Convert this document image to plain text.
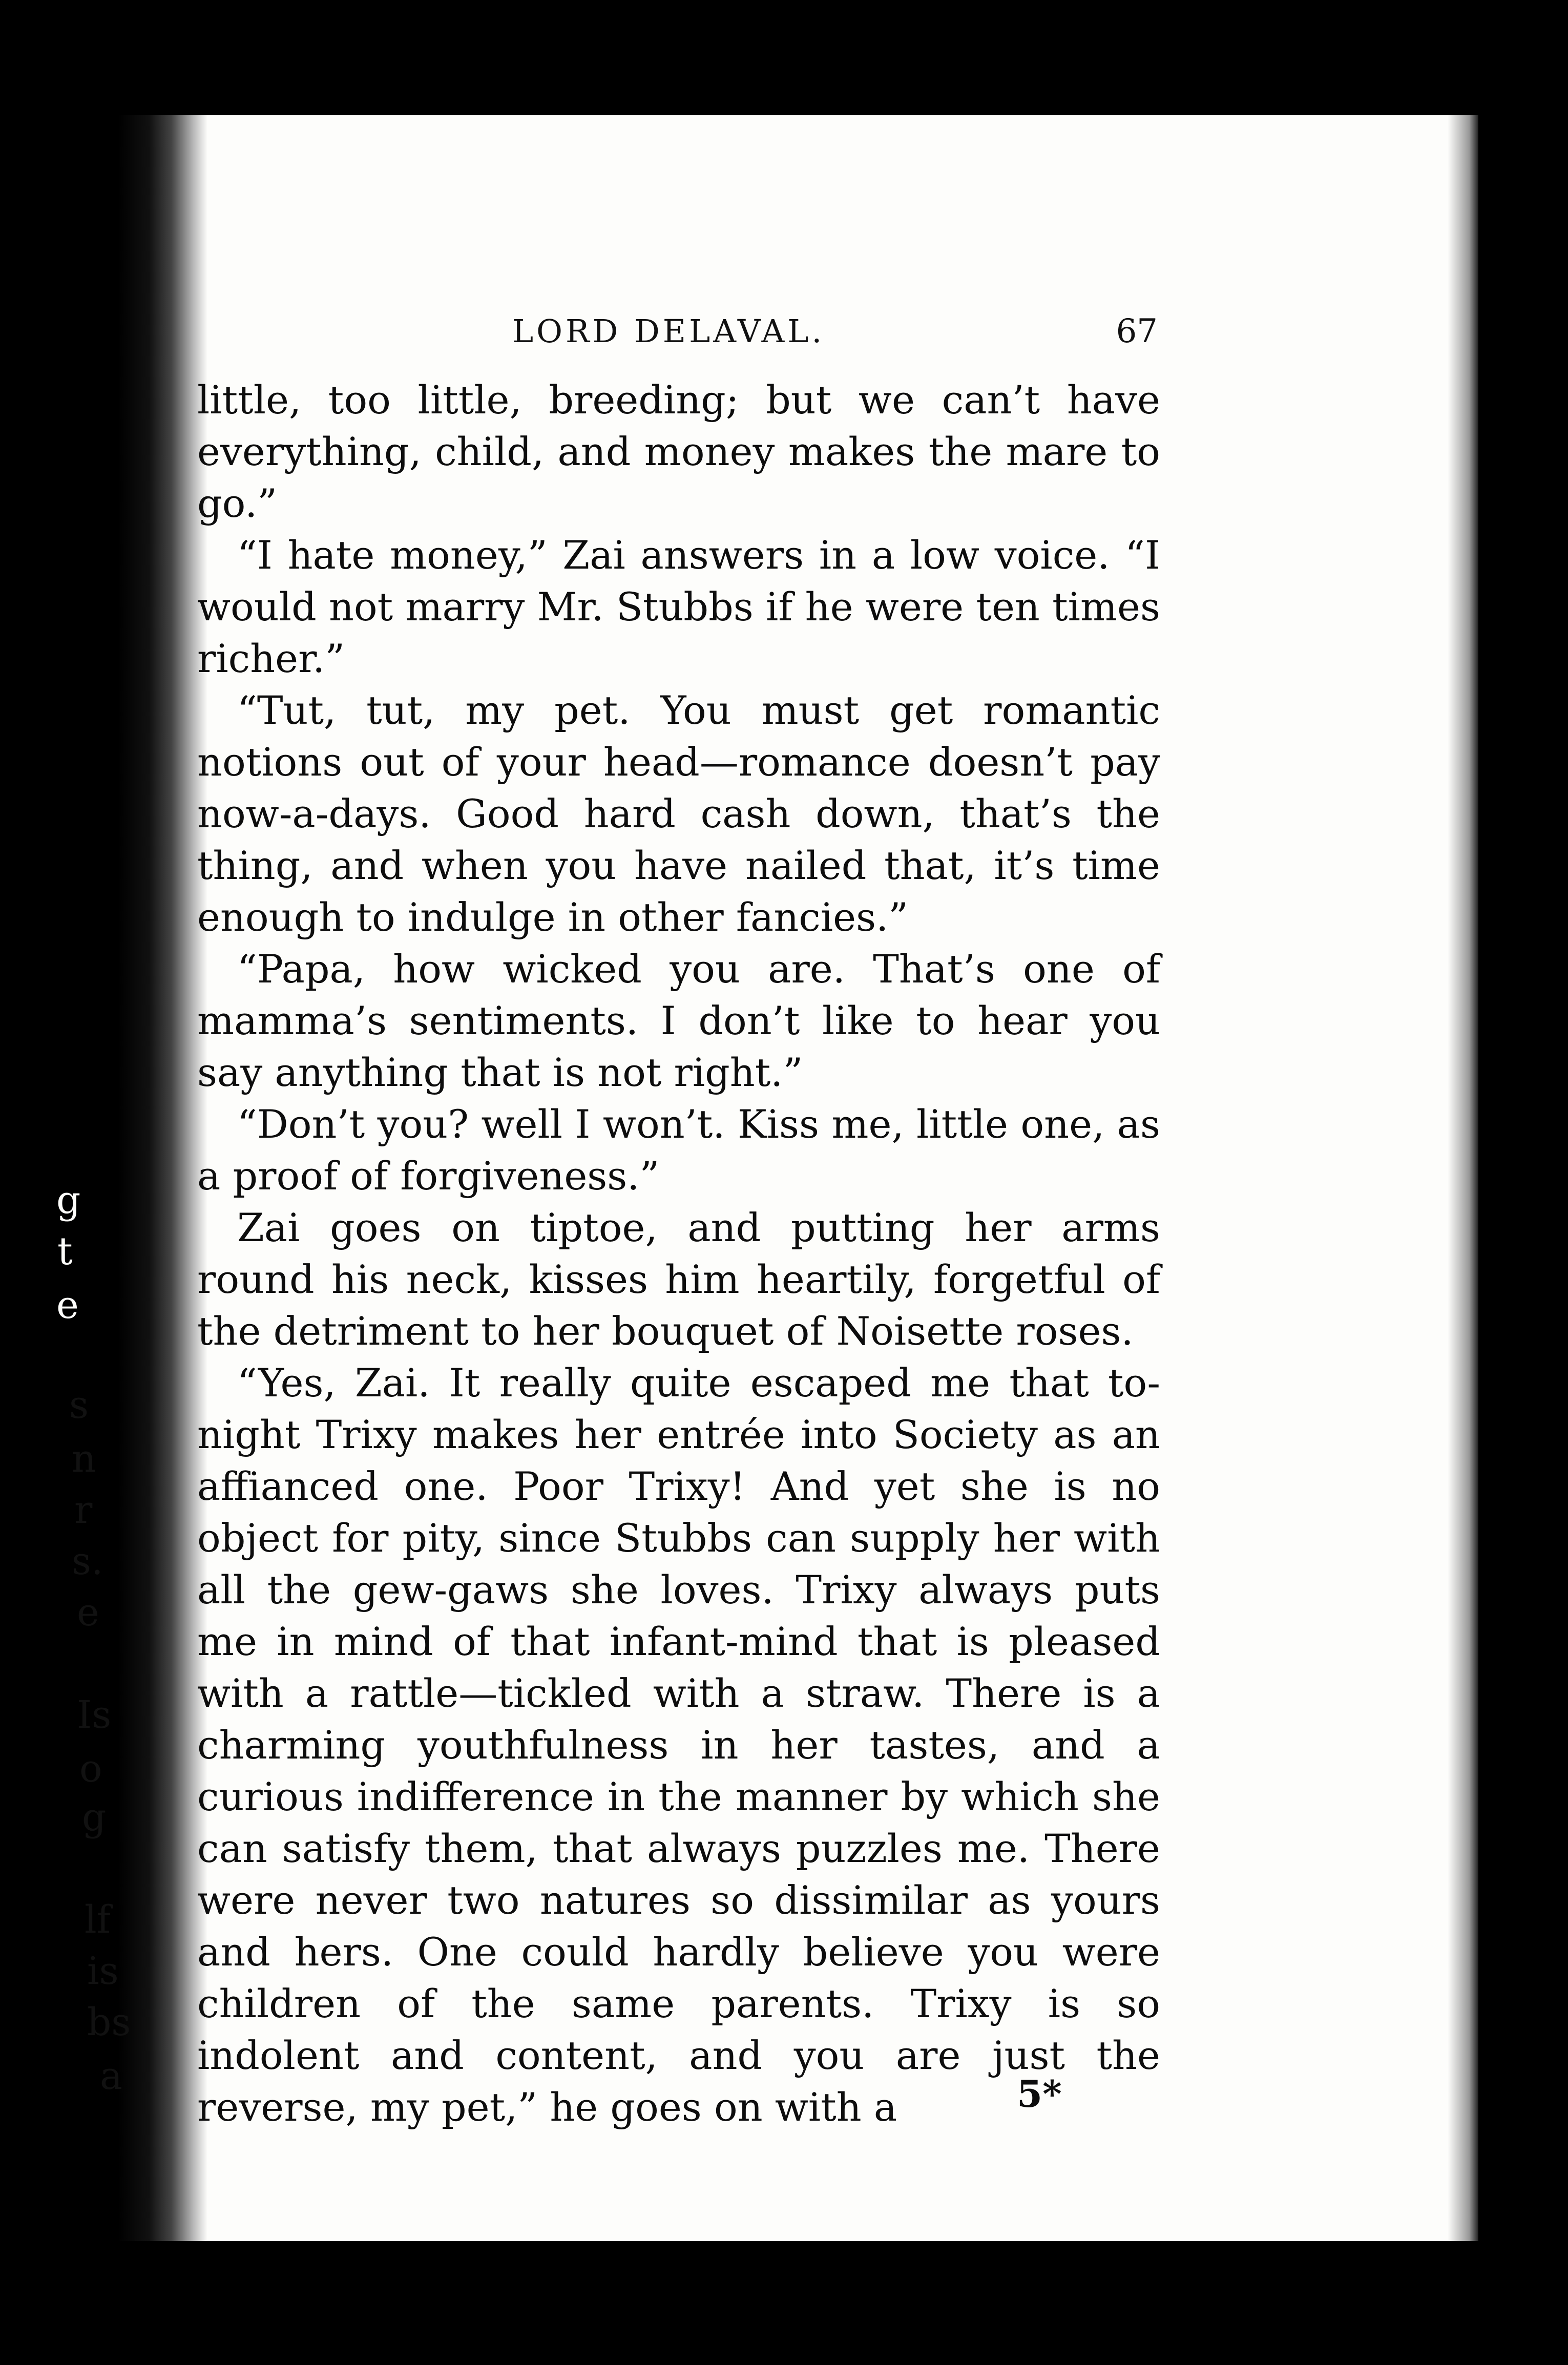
g
t
e
s
n
r
s.
e
Is
o
g
lf
is
bs
a
LORD DELAVAL.	67

little, too little, breeding; but we can’t have everything, child, and money makes the mare to go.”

“I hate money,” Zai answers in a low voice. “I would not marry Mr. Stubbs if he were ten times richer.”

“Tut, tut, my pet. You must get romantic notions out of your head—romance doesn’t pay now-a-days. Good hard cash down, that’s the thing, and when you have nailed that, it’s time enough to indulge in other fancies.”

“Papa, how wicked you are. That’s one of mamma’s sentiments. I don’t like to hear you say anything that is not right.”

“Don’t you? well I won’t. Kiss me, little one, as a proof of forgiveness.”

Zai goes on tiptoe, and putting her arms round his neck, kisses him heartily, forgetful of the detriment to her bouquet of Noisette roses.

“Yes, Zai. It really quite escaped me that tonight Trixy makes her entrée into Society as an affianced one. Poor Trixy! And yet she is no object for pity, since Stubbs can supply her with all the gew-gaws she loves. Trixy always puts me in mind of that infant-mind that is pleased with a rattle—tickled with a straw. There is a charming youthfulness in her tastes, and a curious indifference in the manner by which she can satisfy them, that always puzzles me. There were never two natures so dissimilar as yours and hers. One could hardly believe you were children of the same parents. Trixy is so indolent and content, and you are just the reverse, my pet,” he goes on with a	5*
